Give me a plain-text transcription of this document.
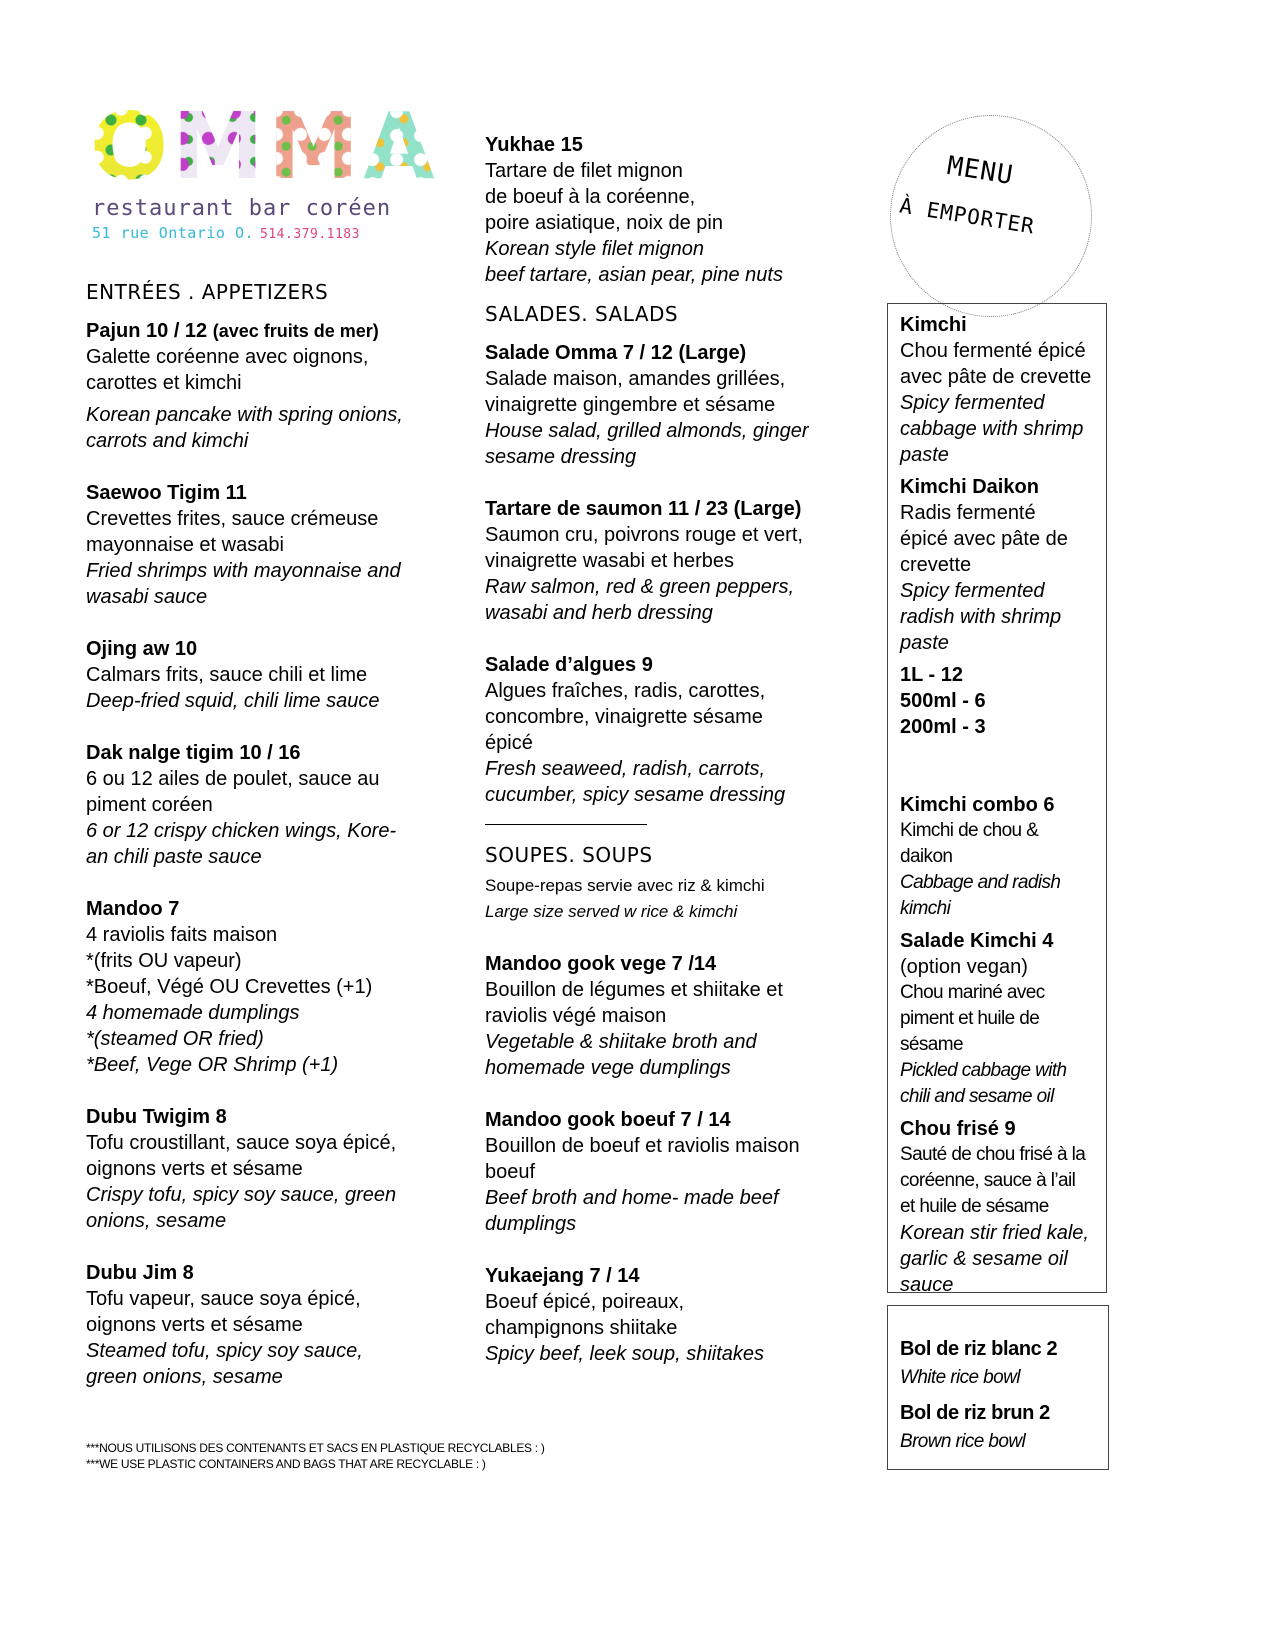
O M M A
restaurant bar coréen
51 rue Ontario O. 514.379.1183
MENU
À EMPORTER
ENTRÉES . APPETIZERS
Pajun 10 / 12 (avec fruits de mer)
Galette coréenne avec oignons,
carottes et kimchi
Korean pancake with spring onions,
carrots and kimchi
Saewoo Tigim 11
Crevettes frites, sauce crémeuse
mayonnaise et wasabi
Fried shrimps with mayonnaise and
wasabi sauce
Ojing aw 10
Calmars frits, sauce chili et lime
Deep-fried squid, chili lime sauce
Dak nalge tigim 10 / 16
6 ou 12 ailes de poulet, sauce au
piment coréen
6 or 12 crispy chicken wings, Kore-
an chili paste sauce
Mandoo 7
4 raviolis faits maison
*(frits OU vapeur)
*Boeuf, Végé OU Crevettes (+1)
4 homemade dumplings
*(steamed OR fried)
*Beef, Vege OR Shrimp (+1)
Dubu Twigim 8
Tofu croustillant, sauce soya épicé,
oignons verts et sésame
Crispy tofu, spicy soy sauce, green
onions, sesame
Dubu Jim 8
Tofu vapeur, sauce soya épicé,
oignons verts et sésame
Steamed tofu, spicy soy sauce,
green onions, sesame
Yukhae 15
Tartare de filet mignon
de boeuf à la coréenne,
poire asiatique, noix de pin
Korean style filet mignon
beef tartare, asian pear, pine nuts
SALADES. SALADS
Salade Omma 7 / 12 (Large)
Salade maison, amandes grillées,
vinaigrette gingembre et sésame
House salad, grilled almonds, ginger
sesame dressing
Tartare de saumon 11 / 23 (Large)
Saumon cru, poivrons rouge et vert,
vinaigrette wasabi et herbes
Raw salmon, red & green peppers,
wasabi and herb dressing
Salade d’algues 9
Algues fraîches, radis, carottes,
concombre, vinaigrette sésame
épicé
Fresh seaweed, radish, carrots,
cucumber, spicy sesame dressing
SOUPES. SOUPS
Soupe-repas servie avec riz & kimchi
Large size served w rice & kimchi
Mandoo gook vege 7 /14
Bouillon de légumes et shiitake et
raviolis végé maison
Vegetable & shiitake broth and
homemade vege dumplings
Mandoo gook boeuf 7 / 14
Bouillon de boeuf et raviolis maison
boeuf
Beef broth and home- made beef
dumplings
Yukaejang 7 / 14
Boeuf épicé, poireaux,
champignons shiitake
Spicy beef, leek soup, shiitakes
Kimchi
Chou fermenté épicé
avec pâte de crevette
Spicy fermented
cabbage with shrimp
paste
Kimchi Daikon
Radis fermenté
épicé avec pâte de
crevette
Spicy fermented
radish with shrimp
paste
1L - 12
500ml - 6
200ml - 3
Kimchi combo 6
Kimchi de chou &
daikon
Cabbage and radish
kimchi
Salade Kimchi 4
(option vegan)
Chou mariné avec
piment et huile de
sésame
Pickled cabbage with
chili and sesame oil
Chou frisé 9
Sauté de chou frisé à la
coréenne, sauce à l’ail
et huile de sésame
Korean stir fried kale,
garlic & sesame oil
sauce
Bol de riz blanc 2
White rice bowl
Bol de riz brun 2
Brown rice bowl
***NOUS UTILISONS DES CONTENANTS ET SACS EN PLASTIQUE RECYCLABLES : )
***WE USE PLASTIC CONTAINERS AND BAGS THAT ARE RECYCLABLE : )
